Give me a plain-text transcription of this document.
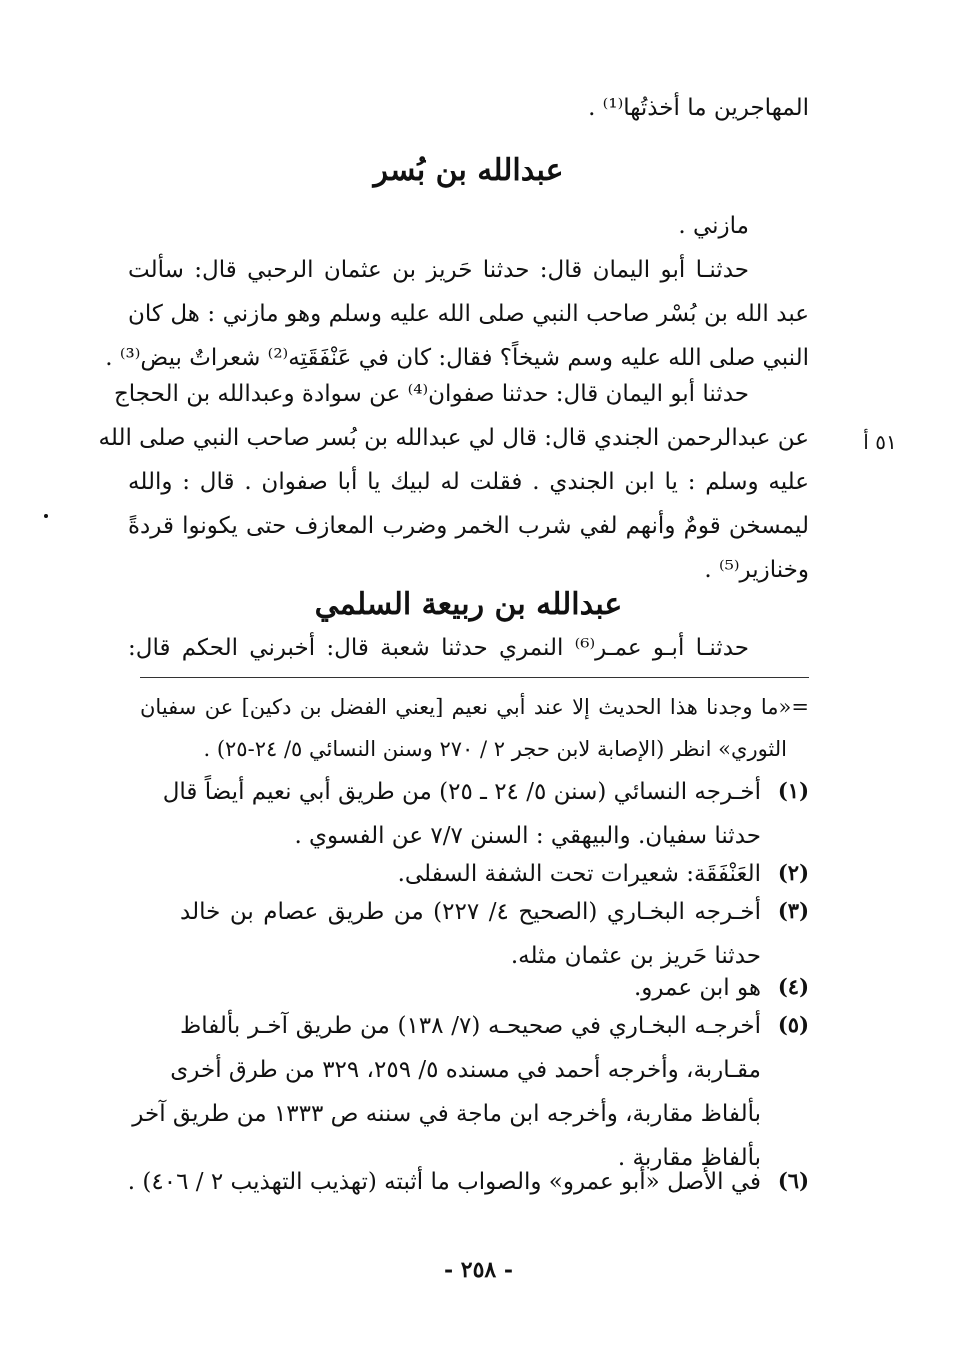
المهاجرين ما أخذتُها⁽¹⁾ .
عبدالله بن بُسر
مازني .
حدثنـا أبو اليمان قال: حدثنا حَريز بن عثمان الرحبي قال: سألت
عبد الله بن بُسْر صاحب النبي صلى الله عليه وسلم وهو مازني : هل كان
النبي صلى الله عليه وسم شيخاً؟ فقال: كان في عَنْفَقَتِه⁽²⁾ شعراتٌ بيض⁽³⁾ .
حدثنا أبو اليمان قال: حدثنا صفوان⁽⁴⁾ عن سوادة وعبدالله بن الحجاج
عن عبدالرحمن الجندي قال: قال لي عبدالله بن بُسر صاحب النبي صلى الله
عليه وسلم : يا ابن الجندي . فقلت له لبيك يا أبا صفوان . قال : والله
ليمسخن قومٌ وأنهم لفي شرب الخمر وضرب المعازف حتى يكونوا قردةً
وخنازير⁽⁵⁾ .
٥١ أ
عبدالله بن ربيعة السلمي
حدثنـا أبـو عمـر⁽⁶⁾ النمري حدثنا شعبة قال: أخبرني الحكم قال:
=«ما وجدنا هذا الحديث إلا عند أبي نعيم [يعني الفضل بن دكين] عن سفيان
الثوري» انظر (الإصابة لابن حجر ٢ / ٢٧٠ وسنن النسائي ٥/ ٢٤-٢٥) .
(١)
أخـرجه النسائي (سنن ٥/ ٢٤ ـ ٢٥) من طريق أبي نعيم أيضاً قال
حدثنا سفيان. والبيهقي : السنن ٧/٧ عن الفسوي .
(٢)
العَنْفَقَة: شعيرات تحت الشفة السفلى.
(٣)
أخـرجه البخـاري (الصحيح ٤/ ٢٢٧) من طريق عصام بن خالد
حدثنا حَريز بن عثمان مثله.
(٤)
هو ابن عمرو.
(٥)
أخرجـه البخـاري في صحيحـه (٧/ ١٣٨) من طريق آخـر بألفاظ
مقـاربة، وأخرجه أحمد في مسنده ٥/ ٢٥٩، ٣٢٩ من طرق أخرى
بألفاظ مقاربة، وأخرجه ابن ماجة في سننه ص ١٣٣٣ من طريق آخر
بألفاظ مقاربة .
(٦)
في الأصل «أبو عمرو» والصواب ما أثبته (تهذيب التهذيب ٢ / ٤٠٦) .
- ٢٥٨ -
